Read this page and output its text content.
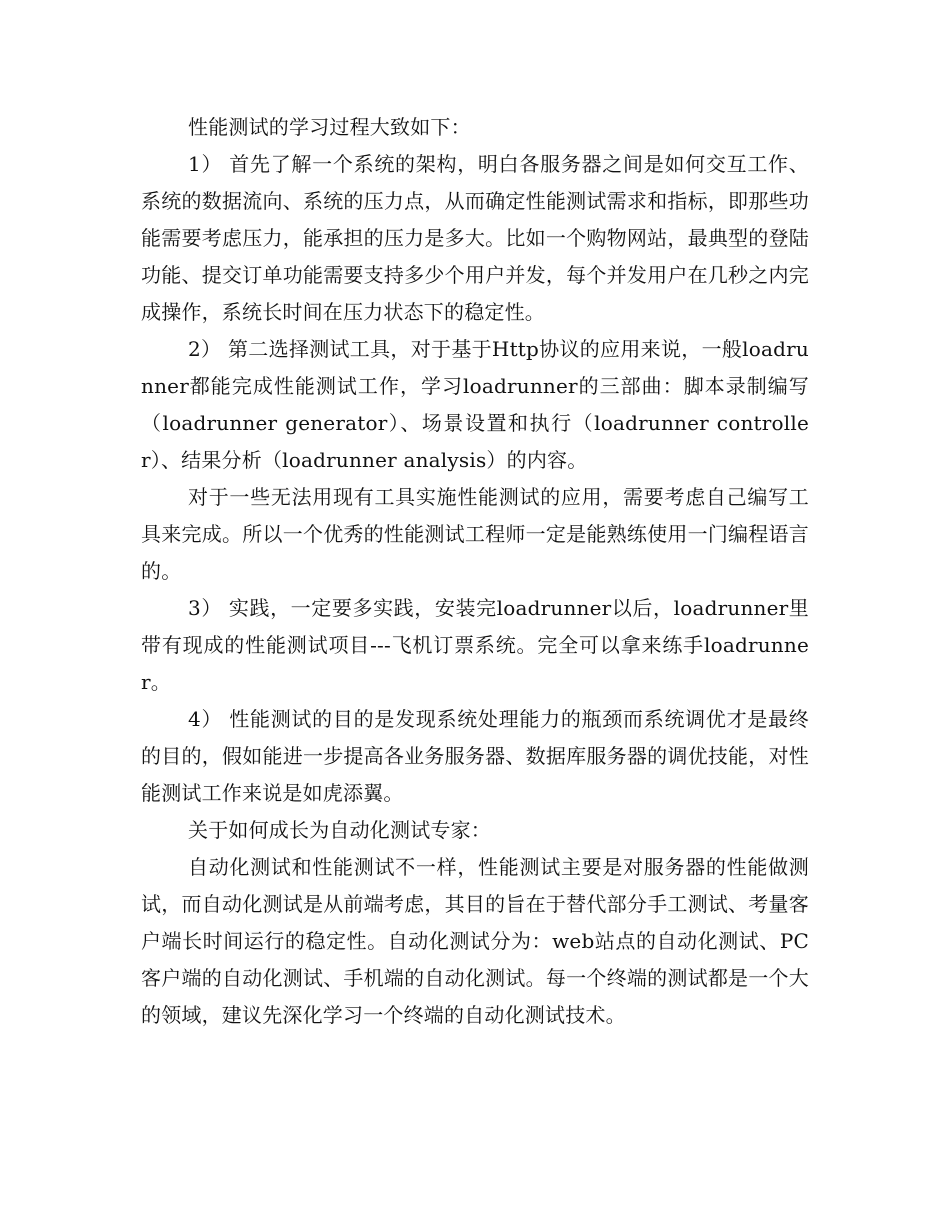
性能测试的学习过程大致如下：

1） 首先了解一个系统的架构，明白各服务器之间是如何交互工作、系统的数据流向、系统的压力点，从而确定性能测试需求和指标，即那些功能需要考虑压力，能承担的压力是多大。比如一个购物网站，最典型的登陆功能、提交订单功能需要支持多少个用户并发，每个并发用户在几秒之内完成操作，系统长时间在压力状态下的稳定性。

2） 第二选择测试工具，对于基于Http协议的应用来说，一般loadrunner都能完成性能测试工作，学习loadrunner的三部曲：脚本录制编写（loadrunner generator）、场景设置和执行（loadrunner controller）、结果分析（loadrunner analysis）的内容。

对于一些无法用现有工具实施性能测试的应用，需要考虑自己编写工具来完成。所以一个优秀的性能测试工程师一定是能熟练使用一门编程语言的。

3） 实践，一定要多实践，安装完loadrunner以后，loadrunner里带有现成的性能测试项目---飞机订票系统。完全可以拿来练手loadrunner。

4） 性能测试的目的是发现系统处理能力的瓶颈而系统调优才是最终的目的，假如能进一步提高各业务服务器、数据库服务器的调优技能，对性能测试工作来说是如虎添翼。

关于如何成长为自动化测试专家：

自动化测试和性能测试不一样，性能测试主要是对服务器的性能做测试，而自动化测试是从前端考虑，其目的旨在于替代部分手工测试、考量客户端长时间运行的稳定性。自动化测试分为：web站点的自动化测试、PC客户端的自动化测试、手机端的自动化测试。每一个终端的测试都是一个大的领域，建议先深化学习一个终端的自动化测试技术。
